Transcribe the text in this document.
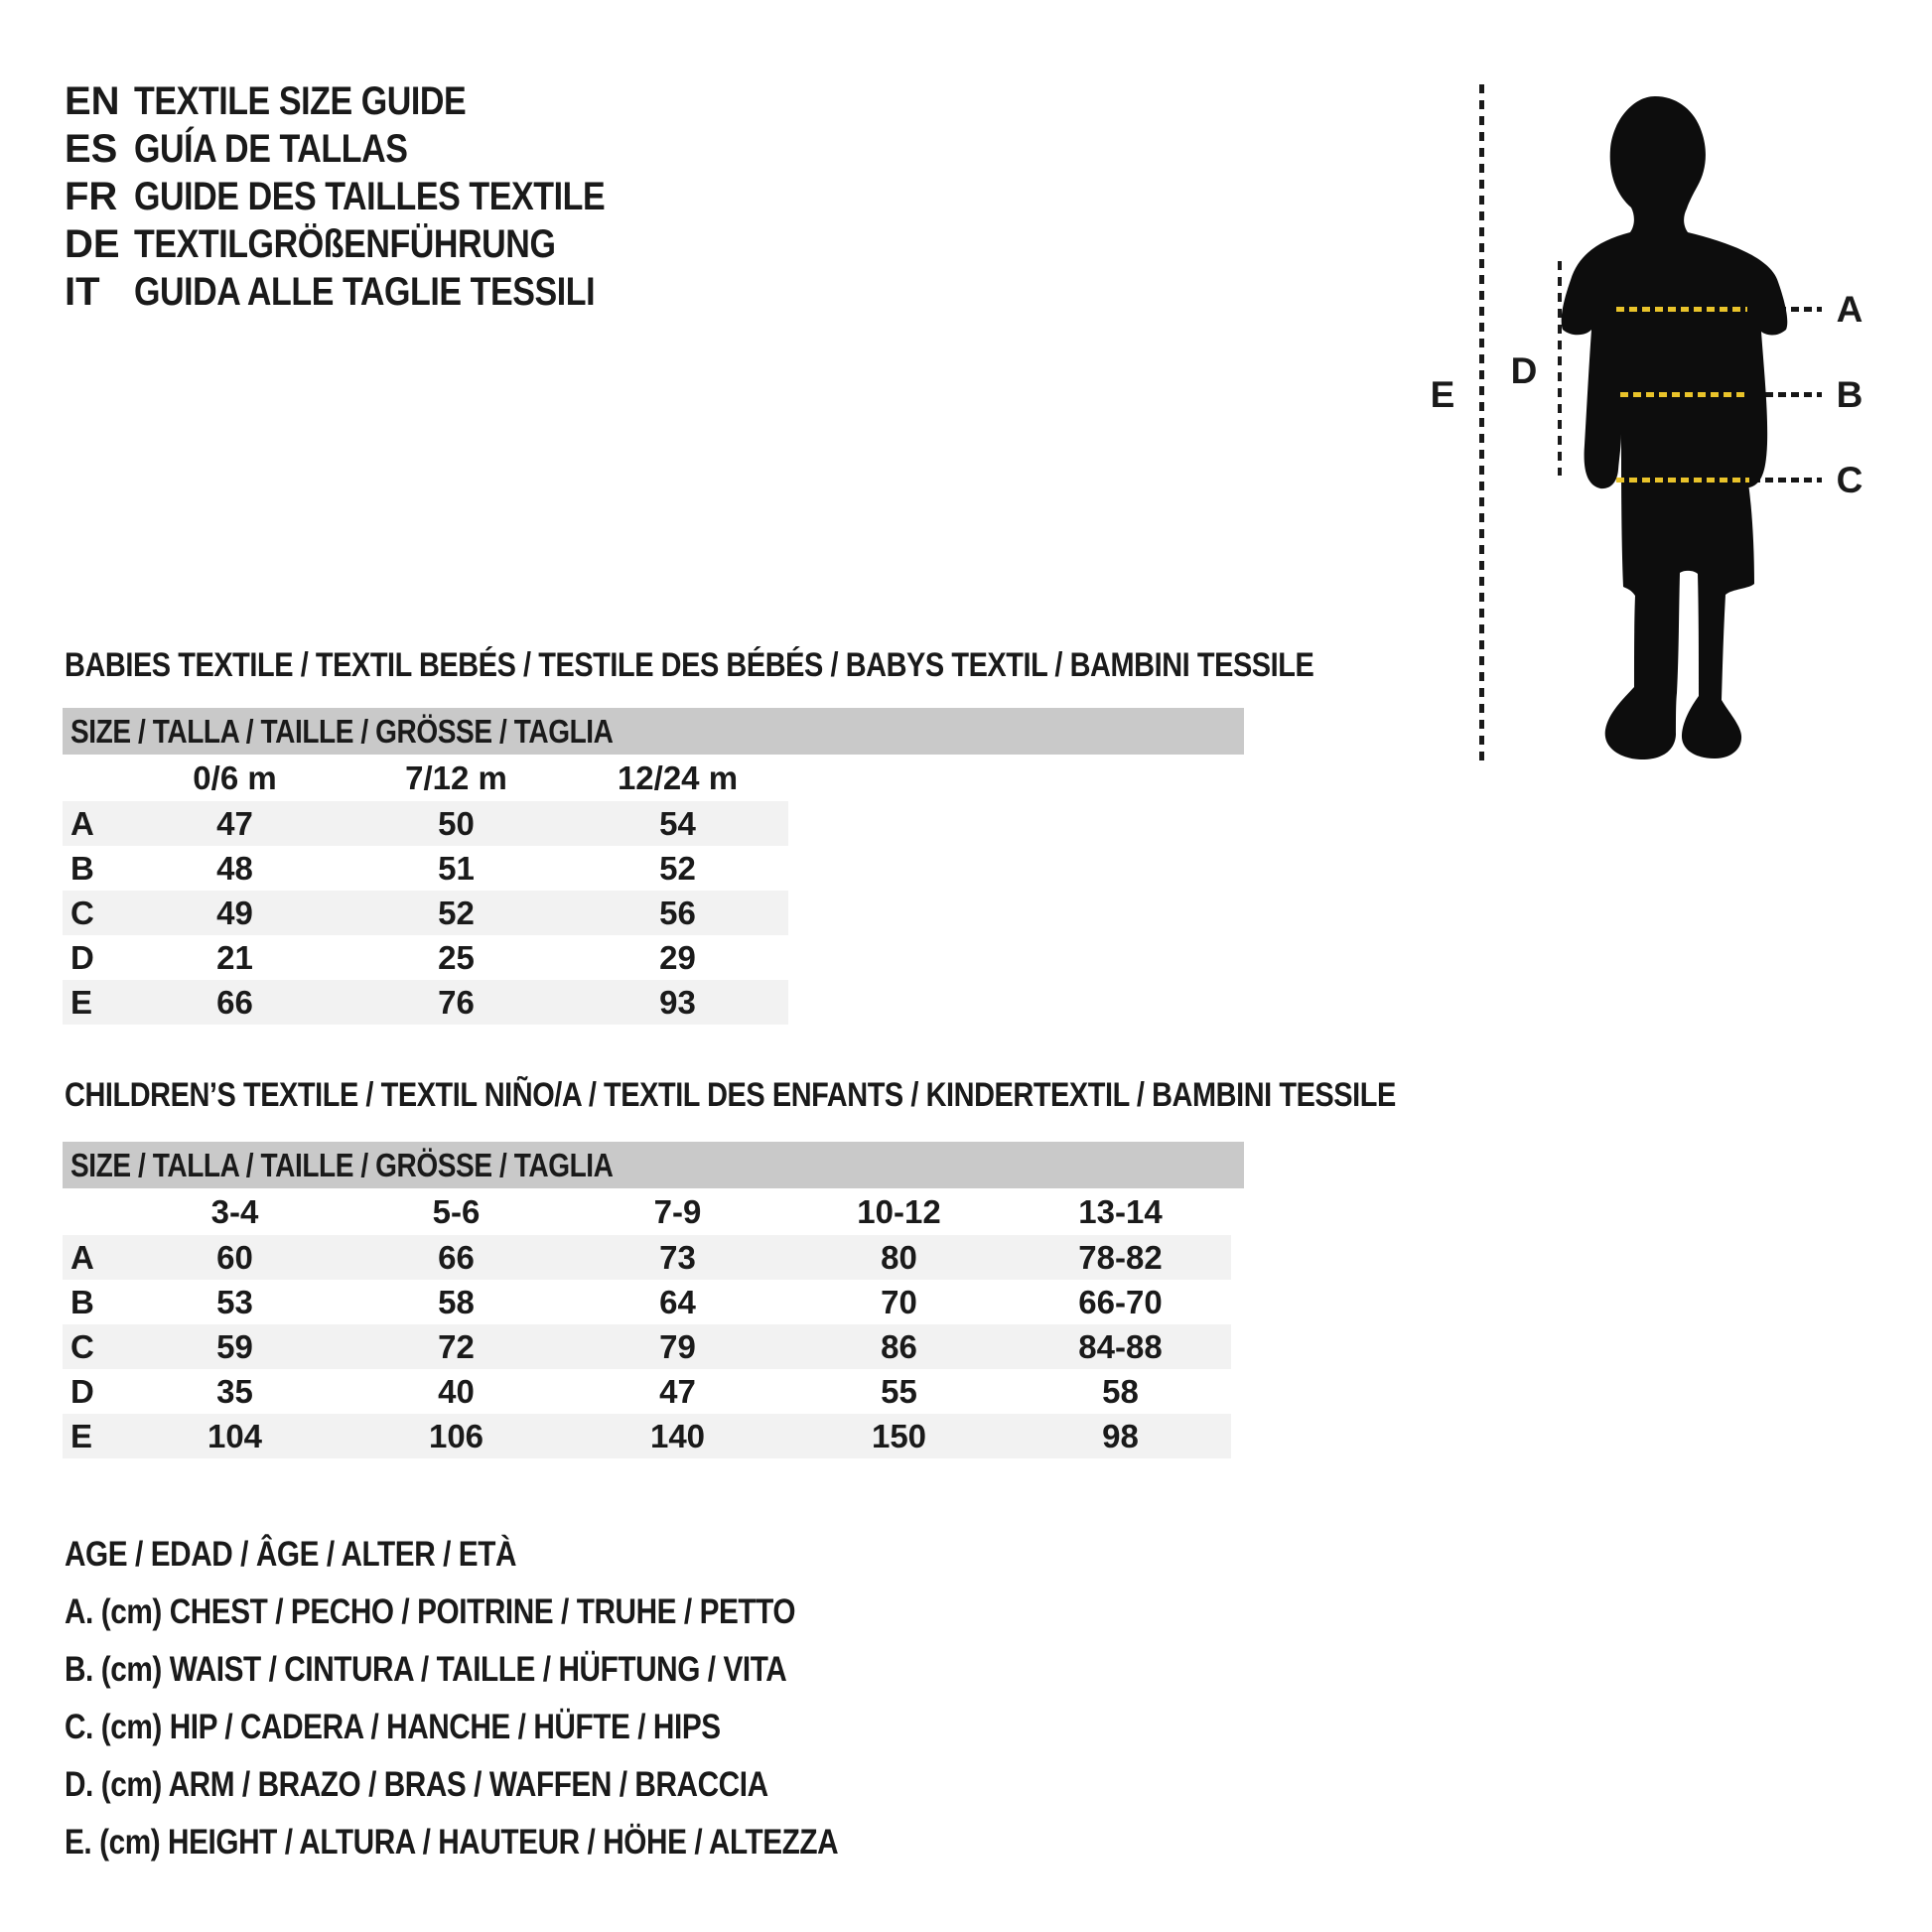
EN TEXTILE SIZE GUIDE
ES GUÍA DE TALLAS
FR GUIDE DES TAILLES TEXTILE
DE TEXTILGRÖßENFÜHRUNG
IT GUIDA ALLE TAGLIE TESSILI	A
B
C
D
E
BABIES TEXTILE / TEXTIL BEBÉS / TESTILE DES BÉBÉS / BABYS TEXTIL / BAMBINI TESSILE
SIZE / TALLA / TAILLE / GRÖSSE / TAGLIA
0/6 m	7/12 m	12/24 m
A	47	50	54
B	48	51	52
C	49	52	56
D	21	25	29
E	66	76	93
CHILDREN’S TEXTILE / TEXTIL NIÑO/A / TEXTIL DES ENFANTS / KINDERTEXTIL / BAMBINI TESSILE
SIZE / TALLA / TAILLE / GRÖSSE / TAGLIA
3-4	5-6	7-9	10-12	13-14
A	60	66	73	80	78-82
B	53	58	64	70	66-70
C	59	72	79	86	84-88
D	35	40	47	55	58
E	104	106	140	150	98
AGE / EDAD / ÂGE / ALTER / ETÀ
A. (cm) CHEST / PECHO / POITRINE / TRUHE / PETTO
B. (cm) WAIST / CINTURA / TAILLE / HÜFTUNG / VITA
C. (cm) HIP / CADERA / HANCHE / HÜFTE / HIPS
D. (cm) ARM / BRAZO / BRAS / WAFFEN / BRACCIA
E. (cm) HEIGHT / ALTURA / HAUTEUR / HÖHE / ALTEZZA
